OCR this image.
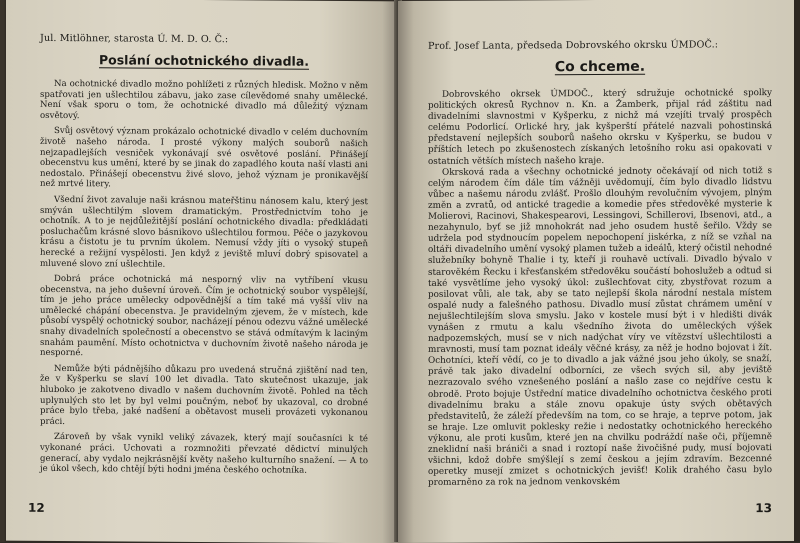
Jul. Mitlöhner, starosta Ú. M. D. O. Č.:
Poslání ochotnického divadla.

Na ochotnické divadlo možno pohlížeti z různých hledisk. Možno v něm spatřovati jen ušlechtilou zábavu, jako zase cílevědomé snahy umělecké. Není však sporu o tom, že ochotnické divadlo má důležitý význam osvětový.

Svůj osvětový význam prokázalo ochotnické divadlo v celém duchovním životě našeho národa. I prosté výkony malých souborů našich nejzapadlejších vesniček vykonávají své osvětové poslání. Přinášejí obecenstvu kus umění, které by se jinak do zapadlého kouta naší vlasti ani nedostalo. Přinášejí obecenstvu živé slovo, jehož význam je pronikavější než mrtvé litery.

Všední život zavaluje naši krásnou mateřštinu nánosem kalu, který jest smýván ušlechtilým slovem dramatickým. Prostřednictvím toho je ochotník. A to je nejdůležitější poslání ochotnického divadla: předkládati posluchačům krásné slovo básnikovo ušlechtilou formou. Péče o jazykovou krásu a čistotu je tu prvním úkolem. Nemusí vždy jíti o vysoký stupeň herecké a režijní vyspělosti. Jen když z jeviště mluví dobrý spisovatel a mluvené slovo zní ušlechtile.

Dobrá práce ochotnická má nesporný vliv na vytříbení vkusu obecenstva, na jeho duševní úroveň. Čím je ochotnický soubor vyspělejší, tím je jeho práce umělecky odpovědnější a tím také má vyšší vliv na umělecké chápání obecenstva. Je pravidelným zjevem, že v místech, kde působí vyspělý ochotnický soubor, nacházejí pénou odezvu vážné umělecké snahy divadelních společností a obecenstvo se stává odmítavým k laciným snahám paumění. Místo ochotnictva v duchovním životě našeho národa je nesporné.

Nemůže býti pádnějšího důkazu pro uvedená stručná zjištění nad ten, že v Kyšperku se slaví 100 let divadla. Tato skutečnost ukazuje, jak hluboko je zakotveno divadlo v našem duchovním životě. Pohled na těch uplynulých sto let by byl velmi poučným, neboť by ukazoval, co drobné práce bylo třeba, jaké nadšení a obětavost museli provázeti vykonanou práci.

Zároveň by však vynikl veliký závazek, který mají současníci k té vykonané práci. Uchovati a rozmnožiti převzaté dědictví minulých generací, aby vydalo nejkrásnější květy našeho kulturního snažení. — A to je úkol všech, kdo chtějí býti hodni jména českého ochotníka.

12
Prof. Josef Lanta, předseda Dobrovského okrsku ÚMDOČ.:
Co chceme.

Dobrovského okrsek ÚMDOČ., který sdružuje ochotnické spolky politických okresů Rychnov n. Kn. a Žamberk, přijal rád záštitu nad divadelními slavnostmi v Kyšperku, z nichž má vzejíti trvalý prospěch celému Podorlicí. Orlické hry, jak kyšperští přátelé nazvali pohostinská představení nejlepších souborů našeho okrsku v Kyšperku, se budou v příštích letech po zkušenostech získaných letošního roku asi opakovati v ostatních větších místech našeho kraje.

Okrsková rada a všechny ochotnické jednoty očekávají od nich totiž s celým národem čím dále tím vážněji uvědomují, čím bylo divadlo lidstvu vůbec a našemu národu zvlášť. Prošlo dlouhým revolučním vývojem, plným změn a zvratů, od antické tragedie a komedie přes středověké mysterie k Molierovi, Racinovi, Shakespearovi, Lessingovi, Schillerovi, Ibsenovi, atd., a nezahynulo, byť se již mnohokrát nad jeho osudem hustě šeřilo. Vždy se udržela pod stydnoucím popelem nepochopení jiskérka, z níž se vzňal na oltáři divadelního umění vysoký plamen tužeb a ideálů, který očistil nehodné služebníky bohyně Thalie i ty, kteří ji rouhavě uctívali. Divadlo bývalo v starověkém Řecku i křesťanském středověku součástí bohoslužeb a odtud si také vysvětlíme jeho vysoký úkol: zušlechťovat city, zbystřovat rozum a posilovat vůli, ale tak, aby se tato nejlepší škola národní nestala místem ospalé nudy a falešného pathosu. Divadlo musí zůstat chrámem umění v nejušlechtilejším slova smyslu. Jako v kostele musí být i v hledišti divák vynášen z rmutu a kalu všedního života do uměleckých výšek nadpozemských, musí se v nich nadýchat víry ve vítězství ušlechtilosti a mravnosti, musí tam poznat ideály věčné krásy, za něž je hodno bojovat i žít. Ochotníci, kteří vědí, co je to divadlo a jak vážné jsou jeho úkoly, se snaží, právě tak jako divadelní odborníci, ze všech svých sil, aby jeviště nezrazovalo svého vznešeného poslání a našlo zase co nejdříve cestu k obrodě. Proto bojuje Ústřední matice divadelního ochotnictva českého proti divadelnímu braku a stále znovu opakuje ústy svých obětavých představitelů, že záleží především na tom, co se hraje, a teprve potom, jak se hraje. Lze omluvit poklesky režie i nedostatky ochotnického hereckého výkonu, ale proti kusům, které jen na chvilku podráždí naše oči, příjemně zneklidní naši brániči a snad i roztopí naše živočišné pudy, musí bojovati všichni, kdož dobře smýšlejí s zemí českou a jejím zdravím. Bezcenné operetky musejí zmizet s ochotnických jevišť! Kolik drahého času bylo promarněno za rok na jednom venkovském

13
